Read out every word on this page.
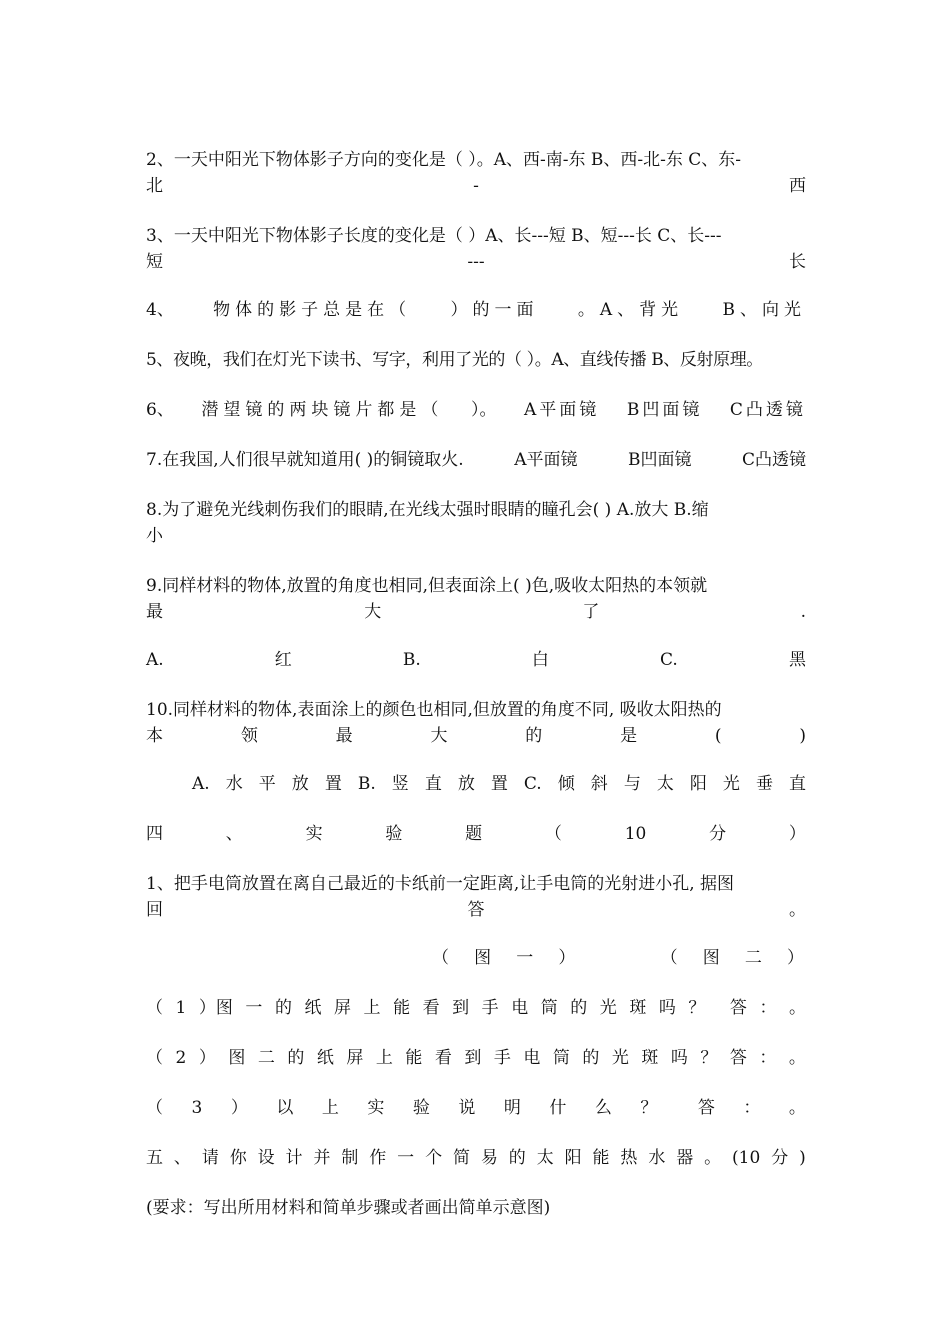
2、一天中阳光下物体影子方向的变化是（ ）。A、西-南-东 B、西-北-东 C、东-
北	-	西
3、一天中阳光下物体影子长度的变化是（ ）A、长---短 B、短---长 C、长---
短	---	长
4、 物体的影子总是在（ ）的一面 。A、背光 B、向光
5、夜晚，我们在灯光下读书、写字，利用了光的（ ）。A、直线传播 B、反射原理。
6、 潜望镜的两块镜片都是（ ）。 A平面镜 B凹面镜 C凸透镜
7.在我国,人们很早就知道用( )的铜镜取火.	A平面镜	B凹面镜	C凸透镜
8.为了避免光线刺伤我们的眼睛,在光线太强时眼睛的瞳孔会( ) A.放大 B.缩
小
9.同样材料的物体,放置的角度也相同,但表面涂上( )色,吸收太阳热的本领就
最	大	了	.
A.	红	B.	白	C.	黑
10.同样材料的物体,表面涂上的颜色也相同,但放置的角度不同, 吸收太阳热的
本	领	最	大	的	是	(	)
A. 水 平 放 置 B. 竖 直 放 置 C. 倾 斜 与 太 阳 光 垂 直
四	、	实	验	题	（	10	分	）
1、把手电筒放置在离自己最近的卡纸前一定距离,让手电筒的光射进小孔, 据图
回	答	。
（ 图 一 ）	（ 图 二 ）
（ 1 ）图 一 的 纸 屏 上 能 看 到 手 电 筒 的 光 斑 吗 ？ 答 ： 。
（ 2 ） 图 二 的 纸 屏 上 能 看 到 手 电 筒 的 光 斑 吗 ？ 答 ： 。
（ 3 ） 以 上 实 验 说 明 什 么 ？ 答 ： 。
五 、 请 你 设 计 并 制 作 一 个 简 易 的 太 阳 能 热 水 器 。 (10 分 )
(要求：写出所用材料和简单步骤或者画出简单示意图)
